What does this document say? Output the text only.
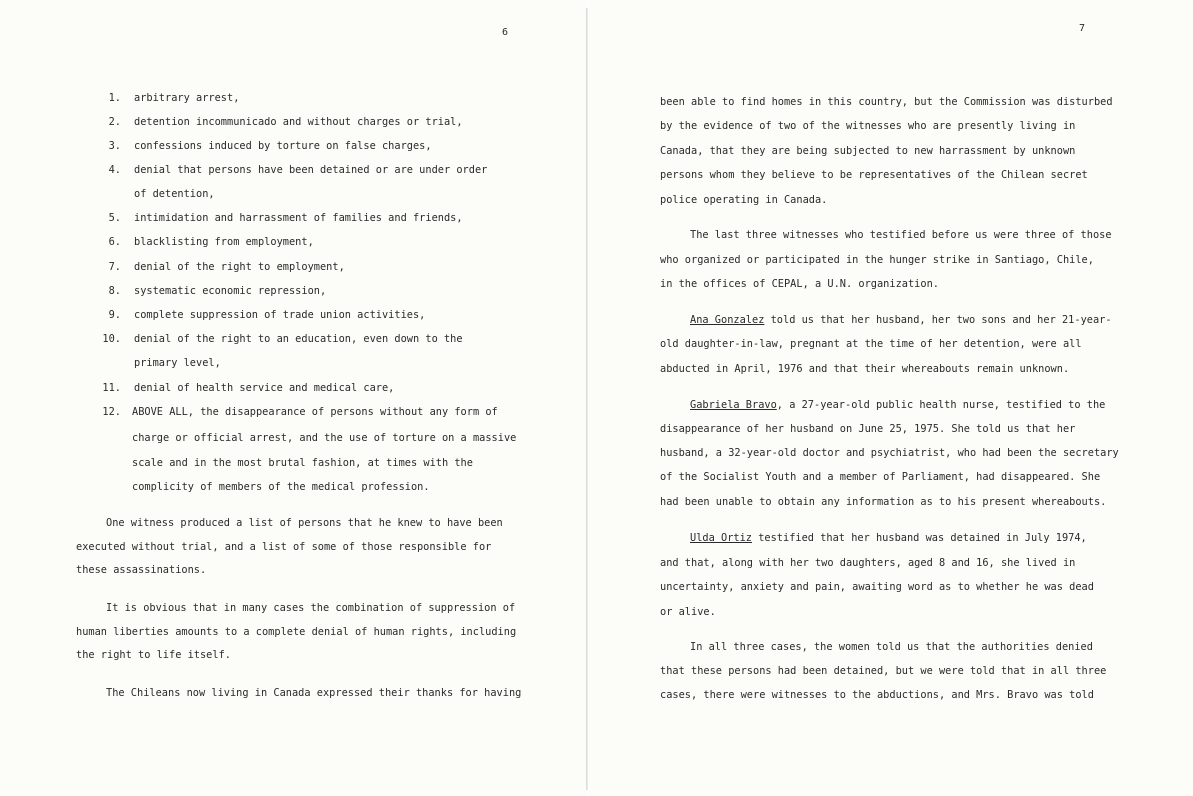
6
1. arbitrary arrest,
2. detention incommunicado and without charges or trial,
3. confessions induced by torture on false charges,
4. denial that persons have been detained or are under order
of detention,
5. intimidation and harrassment of families and friends,
6. blacklisting from employment,
7. denial of the right to employment,
8. systematic economic repression,
9. complete suppression of trade union activities,
10. denial of the right to an education, even down to the
primary level,
11. denial of health service and medical care,
12. ABOVE ALL, the disappearance of persons without any form of
charge or official arrest, and the use of torture on a massive
scale and in the most brutal fashion, at times with the
complicity of members of the medical profession.
One witness produced a list of persons that he knew to have been
executed without trial, and a list of some of those responsible for
these assassinations.
It is obvious that in many cases the combination of suppression of
human liberties amounts to a complete denial of human rights, including
the right to life itself.
The Chileans now living in Canada expressed their thanks for having
7
been able to find homes in this country, but the Commission was disturbed
by the evidence of two of the witnesses who are presently living in
Canada, that they are being subjected to new harrassment by unknown
persons whom they believe to be representatives of the Chilean secret
police operating in Canada.
The last three witnesses who testified before us were three of those
who organized or participated in the hunger strike in Santiago, Chile,
in the offices of CEPAL, a U.N. organization.
Ana Gonzalez told us that her husband, her two sons and her 21-year-
old daughter-in-law, pregnant at the time of her detention, were all
abducted in April, 1976 and that their whereabouts remain unknown.
Gabriela Bravo, a 27-year-old public health nurse, testified to the
disappearance of her husband on June 25, 1975. She told us that her
husband, a 32-year-old doctor and psychiatrist, who had been the secretary
of the Socialist Youth and a member of Parliament, had disappeared. She
had been unable to obtain any information as to his present whereabouts.
Ulda Ortiz testified that her husband was detained in July 1974,
and that, along with her two daughters, aged 8 and 16, she lived in
uncertainty, anxiety and pain, awaiting word as to whether he was dead
or alive.
In all three cases, the women told us that the authorities denied
that these persons had been detained, but we were told that in all three
cases, there were witnesses to the abductions, and Mrs. Bravo was told
